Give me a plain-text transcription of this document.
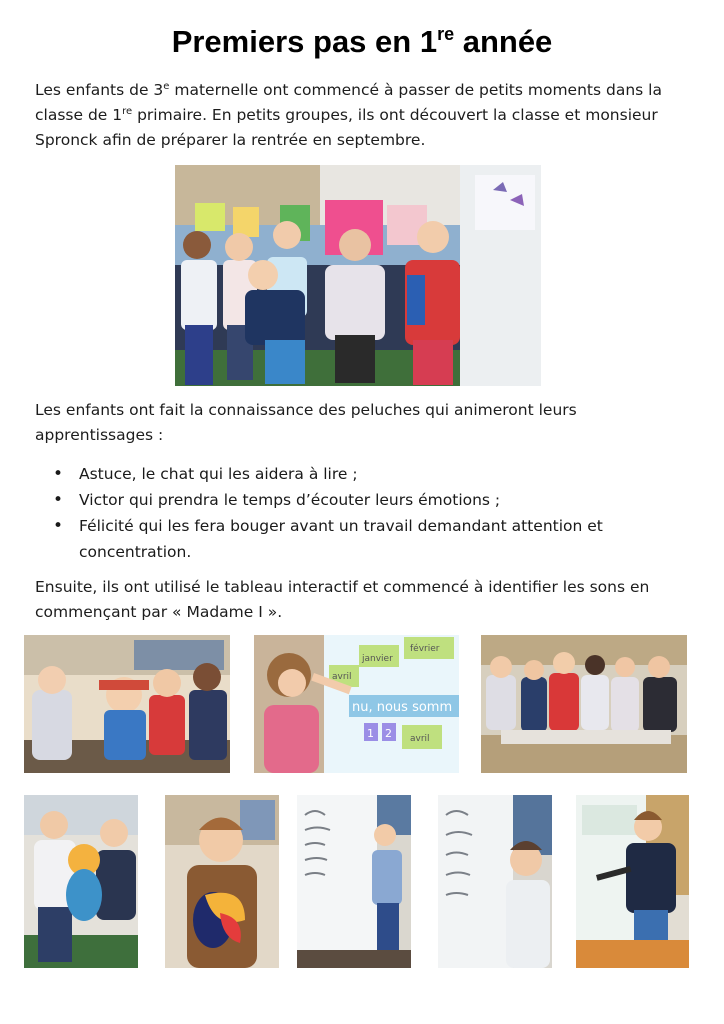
Premiers pas en 1re année
Les enfants de 3e maternelle ont commencé à passer de petits moments dans la classe de 1re primaire. En petits groupes, ils ont découvert la classe et monsieur Spronck afin de préparer la rentrée en septembre.
Les enfants ont fait la connaissance des peluches qui animeront leurs apprentissages :
• Astuce, le chat qui les aidera à lire ;
• Victor qui prendra le temps d’écouter leurs émotions ;
• Félicité qui les fera bouger avant un travail demandant attention et concentration.
Ensuite, ils ont utilisé le tableau interactif et commencé à identifier les sons en commençant par « Madame I ».
janvier
février
avril
nu, nous somm
1 2 avril
